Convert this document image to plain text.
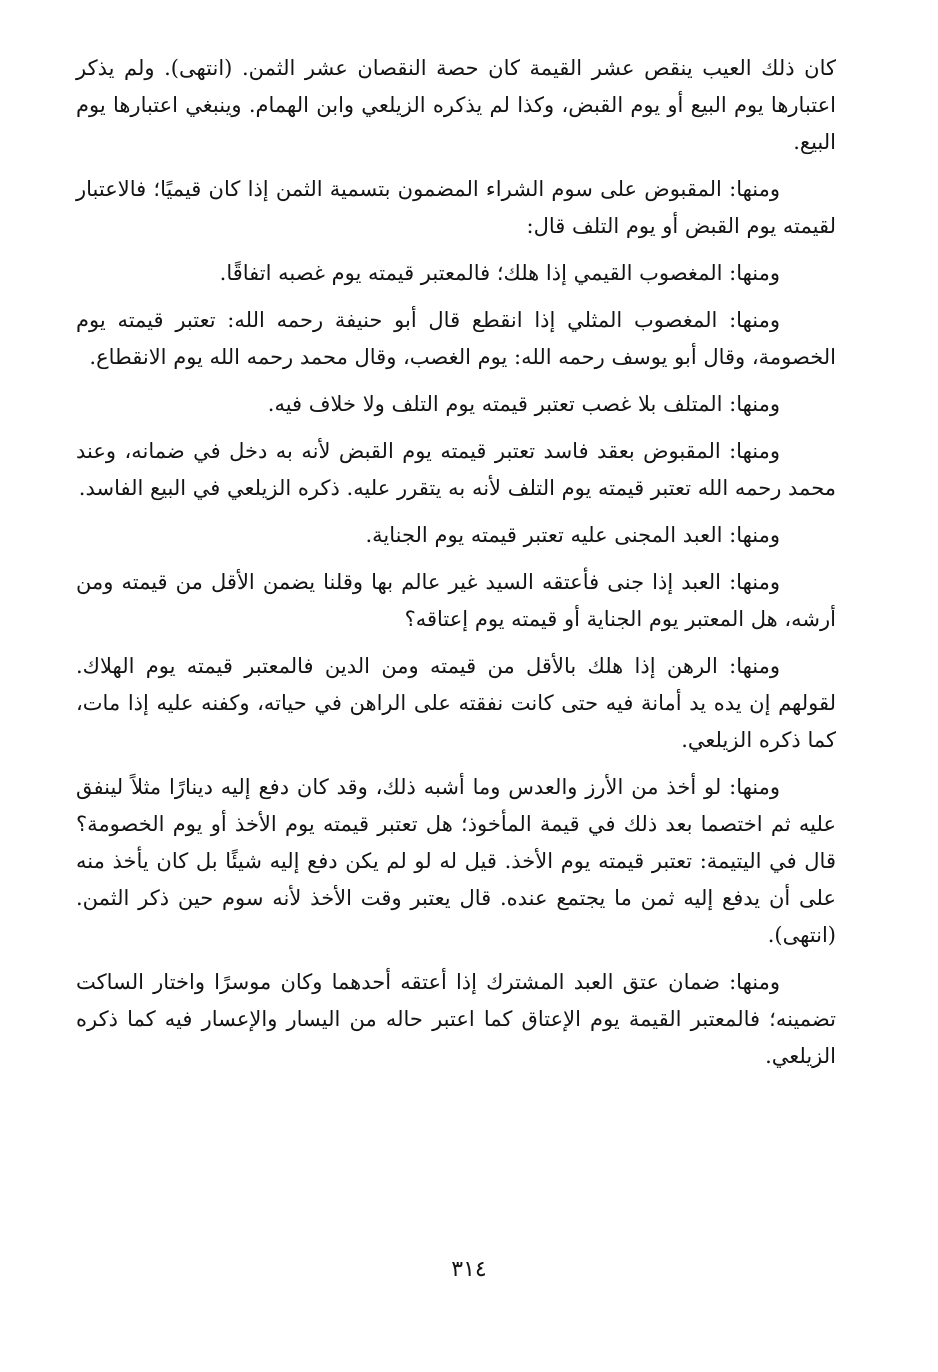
كان ذلك العيب ينقص عشر القيمة كان حصة النقصان عشر الثمن. (انتهى). ولم يذكر اعتبارها يوم البيع أو يوم القبض، وكذا لم يذكره الزيلعي وابن الهمام. وينبغي اعتبارها يوم البيع.

ومنها: المقبوض على سوم الشراء المضمون بتسمية الثمن إذا كان قيميًا؛ فالاعتبار لقيمته يوم القبض أو يوم التلف قال:

ومنها: المغصوب القيمي إذا هلك؛ فالمعتبر قيمته يوم غصبه اتفاقًا.

ومنها: المغصوب المثلي إذا انقطع قال أبو حنيفة رحمه الله: تعتبر قيمته يوم الخصومة، وقال أبو يوسف رحمه الله: يوم الغصب، وقال محمد رحمه الله يوم الانقطاع.

ومنها: المتلف بلا غصب تعتبر قيمته يوم التلف ولا خلاف فيه.

ومنها: المقبوض بعقد فاسد تعتبر قيمته يوم القبض لأنه به دخل في ضمانه، وعند محمد رحمه الله تعتبر قيمته يوم التلف لأنه به يتقرر عليه. ذكره الزيلعي في البيع الفاسد.

ومنها: العبد المجنى عليه تعتبر قيمته يوم الجناية.

ومنها: العبد إذا جنى فأعتقه السيد غير عالم بها وقلنا يضمن الأقل من قيمته ومن أرشه، هل المعتبر يوم الجناية أو قيمته يوم إعتاقه؟

ومنها: الرهن إذا هلك بالأقل من قيمته ومن الدين فالمعتبر قيمته يوم الهلاك. لقولهم إن يده يد أمانة فيه حتى كانت نفقته على الراهن في حياته، وكفنه عليه إذا مات، كما ذكره الزيلعي.

ومنها: لو أخذ من الأرز والعدس وما أشبه ذلك، وقد كان دفع إليه دينارًا مثلاً لينفق عليه ثم اختصما بعد ذلك في قيمة المأخوذ؛ هل تعتبر قيمته يوم الأخذ أو يوم الخصومة؟ قال في اليتيمة: تعتبر قيمته يوم الأخذ. قيل له لو لم يكن دفع إليه شيئًا بل كان يأخذ منه على أن يدفع إليه ثمن ما يجتمع عنده. قال يعتبر وقت الأخذ لأنه سوم حين ذكر الثمن. (انتهى).

ومنها: ضمان عتق العبد المشترك إذا أعتقه أحدهما وكان موسرًا واختار الساكت تضمينه؛ فالمعتبر القيمة يوم الإعتاق كما اعتبر حاله من اليسار والإعسار فيه كما ذكره الزيلعي.

٣١٤
